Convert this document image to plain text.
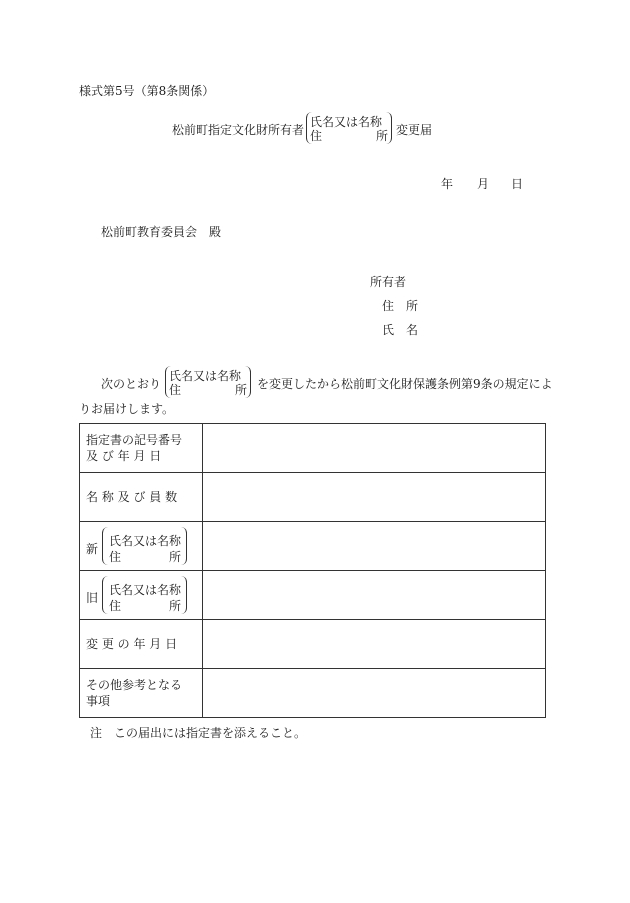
様式第5号（第8条関係）
松前町指定文化財所有者
氏名又は名称
住	所 変更届
年 月 日
松前町教育委員会　殿
所有者
住　所
氏　名
次のとおり
氏名又は名称
住	所 を変更したから松前町文化財保護条例第9条の規定によ
りお届けします。
指定書の記号番号
及 び 年 月 日	

名 称 及 び 員 数	

新
氏名又は名称
住 所	

旧
氏名又は名称
住 所	

変 更 の 年 月 日	

その他参考となる
事項	

注　この届出には指定書を添えること。
